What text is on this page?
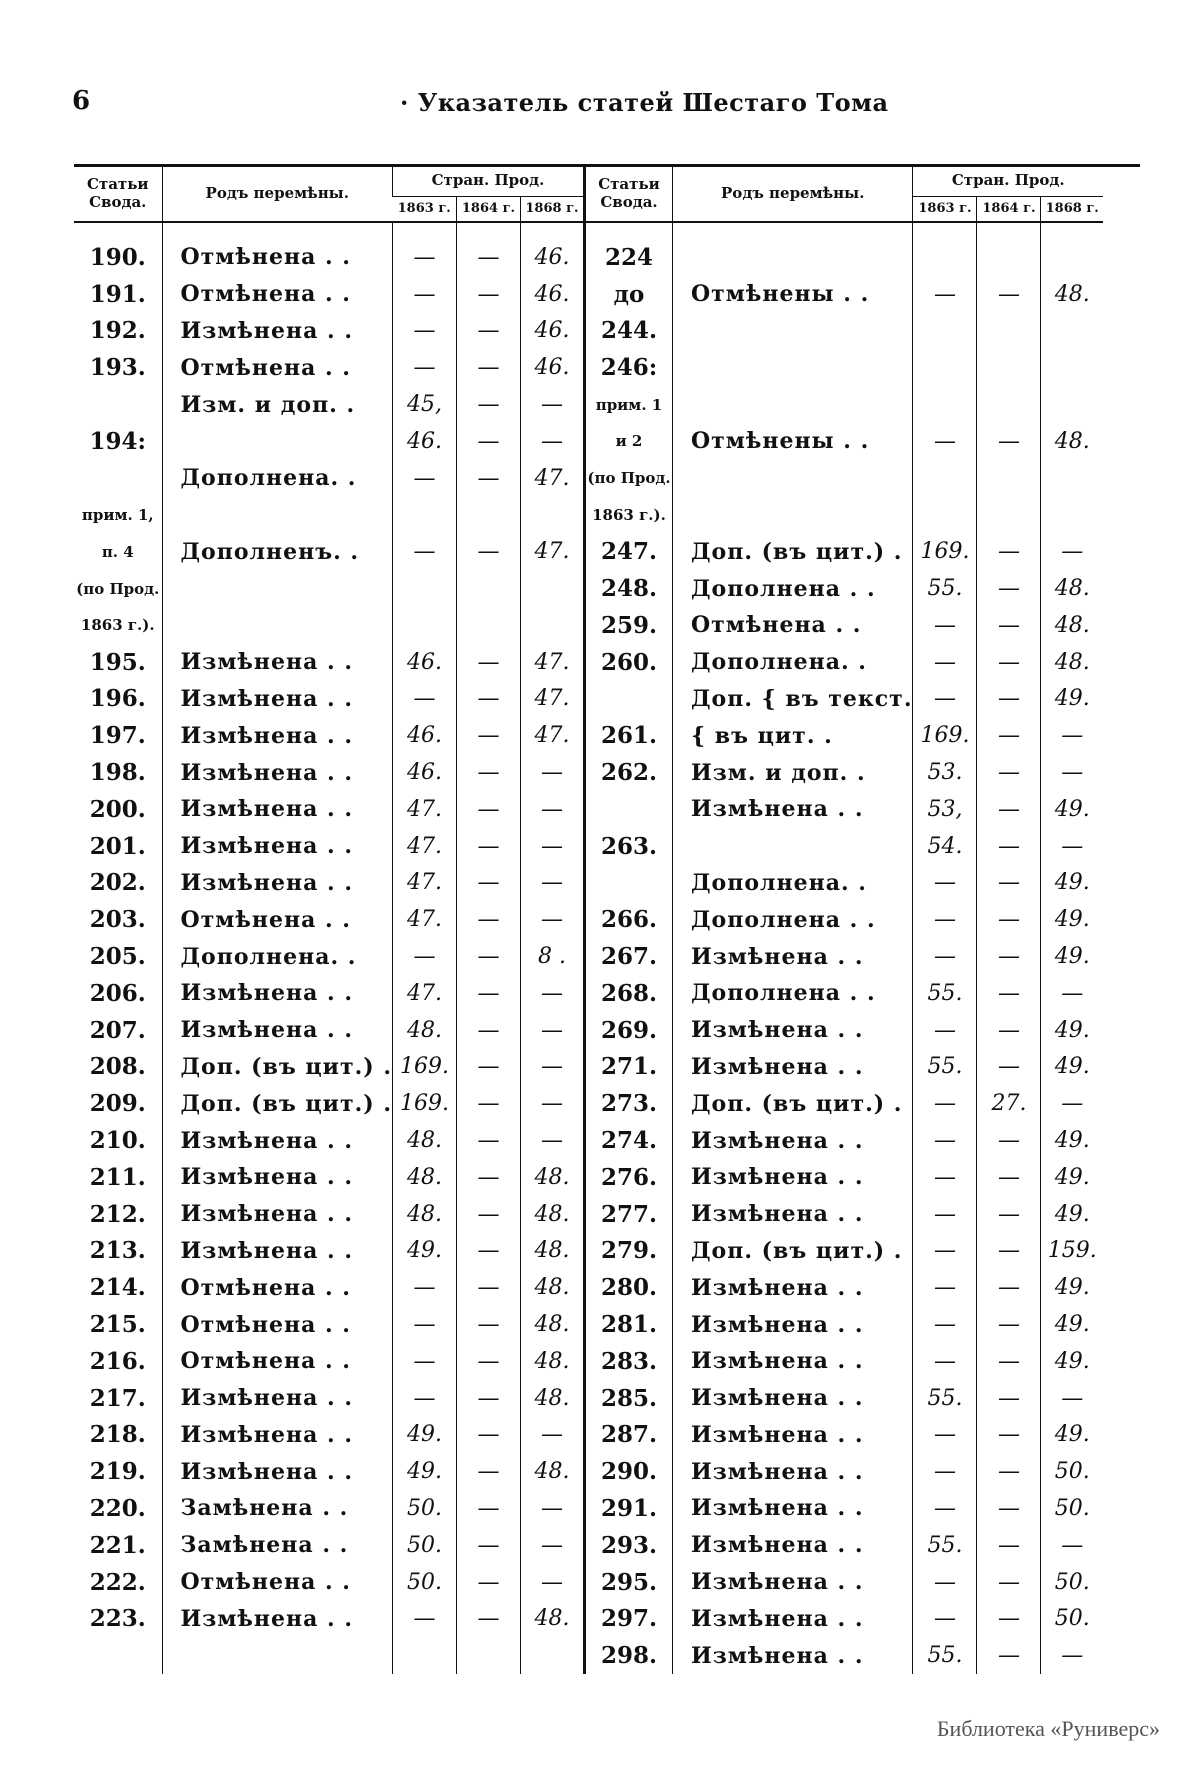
6	· Указатель статей Шестаго Тома
Статьи Свода.	Родъ перемѣны.	Стран. Прод.			Статьи Свода.	Родъ перемѣны.	Стран. Прод.		
		1863 г.	1864 г.	1868 г.			1863 г.	1864 г.	1868 г.

190.	Отмѣнена . .	—	—	46.	224				
191.	Отмѣнена . .	—	—	46.	до	Отмѣнены . .	—	—	48.
192.	Измѣнена . .	—	—	46.	244.				
193.	Отмѣнена . .	—	—	46.	246:				
	Изм. и доп. .	45,	—	—	прим. 1				
194:		46.	—	—	и 2	Отмѣнены . .	—	—	48.
	Дополнена. .	—	—	47.	(по Прод.				
прим. 1,					1863 г.).				
п. 4	Дополненъ. .	—	—	47.	247.	Доп. (въ цит.) .	169.	—	—
(по Прод.					248.	Дополнена . .	55.	—	48.
1863 г.).					259.	Отмѣнена . .	—	—	48.
195.	Измѣнена . .	46.	—	47.	260.	Дополнена. .	—	—	48.
196.	Измѣнена . .	—	—	47.		Доп. { въ текст.	—	—	49.
197.	Измѣнена . .	46.	—	47.	261.	{ въ цит. .	169.	—	—
198.	Измѣнена . .	46.	—	—	262.	Изм. и доп. .	53.	—	—
200.	Измѣнена . .	47.	—	—		Измѣнена . .	53,	—	49.
201.	Измѣнена . .	47.	—	—	263.		54.	—	—
202.	Измѣнена . .	47.	—	—		Дополнена. .	—	—	49.
203.	Отмѣнена . .	47.	—	—	266.	Дополнена . .	—	—	49.
205.	Дополнена. .	—	—	8 .	267.	Измѣнена . .	—	—	49.
206.	Измѣнена . .	47.	—	—	268.	Дополнена . .	55.	—	—
207.	Измѣнена . .	48.	—	—	269.	Измѣнена . .	—	—	49.
208.	Доп. (въ цит.) .	169.	—	—	271.	Измѣнена . .	55.	—	49.
209.	Доп. (въ цит.) .	169.	—	—	273.	Доп. (въ цит.) .	—	27.	—
210.	Измѣнена . .	48.	—	—	274.	Измѣнена . .	—	—	49.
211.	Измѣнена . .	48.	—	48.	276.	Измѣнена . .	—	—	49.
212.	Измѣнена . .	48.	—	48.	277.	Измѣнена . .	—	—	49.
213.	Измѣнена . .	49.	—	48.	279.	Доп. (въ цит.) .	—	—	159.
214.	Отмѣнена . .	—	—	48.	280.	Измѣнена . .	—	—	49.
215.	Отмѣнена . .	—	—	48.	281.	Измѣнена . .	—	—	49.
216.	Отмѣнена . .	—	—	48.	283.	Измѣнена . .	—	—	49.
217.	Измѣнена . .	—	—	48.	285.	Измѣнена . .	55.	—	—
218.	Измѣнена . .	49.	—	—	287.	Измѣнена . .	—	—	49.
219.	Измѣнена . .	49.	—	48.	290.	Измѣнена . .	—	—	50.
220.	Замѣнена . .	50.	—	—	291.	Измѣнена . .	—	—	50.
221.	Замѣнена . .	50.	—	—	293.	Измѣнена . .	55.	—	—
222.	Отмѣнена . .	50.	—	—	295.	Измѣнена . .	—	—	50.
223.	Измѣнена . .	—	—	48.	297.	Измѣнена . .	—	—	50.
					298.	Измѣнена . .	55.	—	—
Библиотека «Руниверс»
